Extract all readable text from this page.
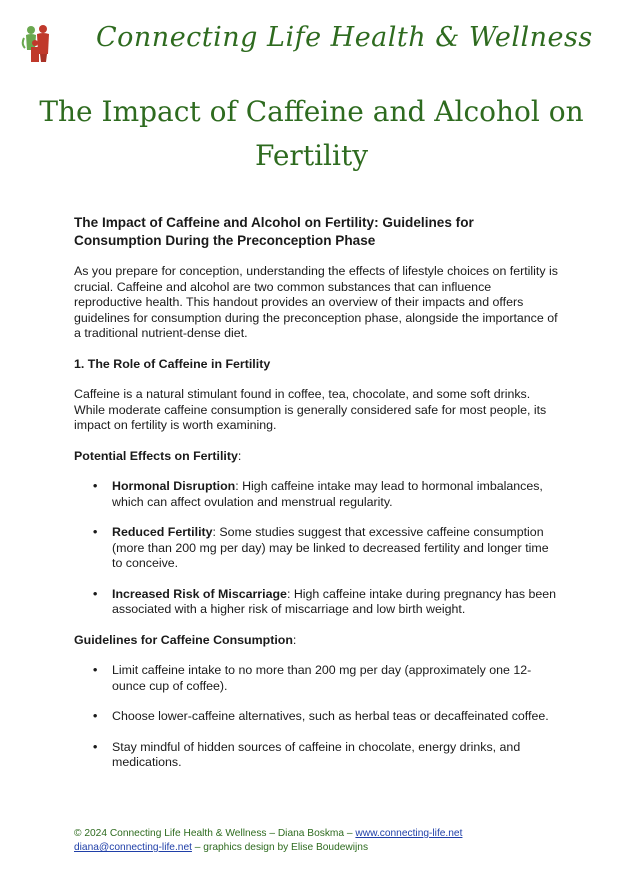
Connecting Life Health & Wellness
The Impact of Caffeine and Alcohol on
Fertility
The Impact of Caffeine and Alcohol on Fertility: Guidelines for Consumption During the Preconception Phase

As you prepare for conception, understanding the effects of lifestyle choices on fertility is crucial. Caffeine and alcohol are two common substances that can influence reproductive health. This handout provides an overview of their impacts and offers guidelines for consumption during the preconception phase, alongside the importance of a traditional nutrient-dense diet.

1. The Role of Caffeine in Fertility

Caffeine is a natural stimulant found in coffee, tea, chocolate, and some soft drinks. While moderate caffeine consumption is generally considered safe for most people, its impact on fertility is worth examining.

Potential Effects on Fertility:

• Hormonal Disruption: High caffeine intake may lead to hormonal imbalances, which can affect ovulation and menstrual regularity.
• Reduced Fertility: Some studies suggest that excessive caffeine consumption (more than 200 mg per day) may be linked to decreased fertility and longer time to conceive.
• Increased Risk of Miscarriage: High caffeine intake during pregnancy has been associated with a higher risk of miscarriage and low birth weight.

Guidelines for Caffeine Consumption:

• Limit caffeine intake to no more than 200 mg per day (approximately one 12-ounce cup of coffee).
• Choose lower-caffeine alternatives, such as herbal teas or decaffeinated coffee.
• Stay mindful of hidden sources of caffeine in chocolate, energy drinks, and medications.
© 2024 Connecting Life Health & Wellness – Diana Boskma – www.connecting-life.net
diana@connecting-life.net – graphics design by Elise Boudewijns
